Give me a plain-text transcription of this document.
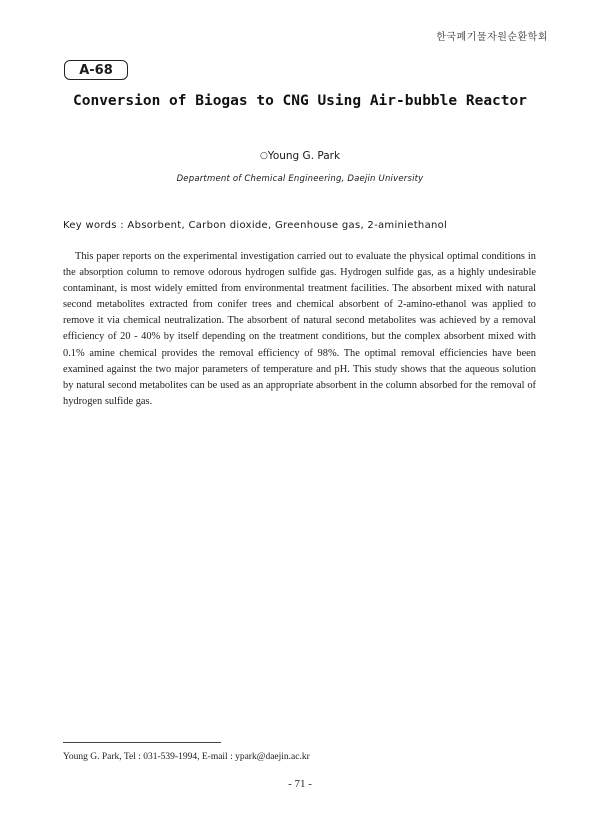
한국폐기물자원순환학회
A-68
Conversion of Biogas to CNG Using Air-bubble Reactor
○Young G. Park
Department of Chemical Engineering, Daejin University
Key words : Absorbent, Carbon dioxide, Greenhouse gas, 2-aminiethanol
This paper reports on the experimental investigation carried out to evaluate the physical optimal conditions in the absorption column to remove odorous hydrogen sulfide gas. Hydrogen sulfide gas, as a highly undesirable contaminant, is most widely emitted from environmental treatment facilities. The absorbent mixed with natural second metabolites extracted from conifer trees and chemical absorbent of 2-amino-ethanol was applied to remove it via chemical neutralization. The absorbent of natural second metabolites was achieved by a removal efficiency of 20 - 40% by itself depending on the treatment conditions, but the complex absorbent mixed with 0.1% amine chemical provides the removal efficiency of 98%. The optimal removal efficiencies have been examined against the two major parameters of temperature and pH. This study shows that the aqueous solution by natural second metabolites can be used as an appropriate absorbent in the column absorbed for the removal of hydrogen sulfide gas.
Young G. Park, Tel : 031-539-1994, E-mail : ypark@daejin.ac.kr
- 71 -
